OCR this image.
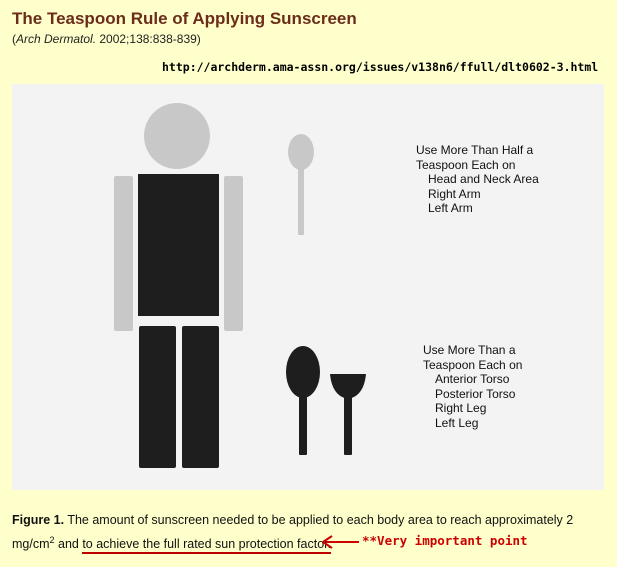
The Teaspoon Rule of Applying Sunscreen
(Arch Dermatol. 2002;138:838-839)
http://archderm.ama-assn.org/issues/v138n6/ffull/dlt0602-3.html
Use More Than Half a
Teaspoon Each on
Head and Neck Area
Right Arm
Left Arm
Use More Than a
Teaspoon Each on
Anterior Torso
Posterior Torso
Right Leg
Left Leg
Figure 1. The amount of sunscreen needed to be applied to each body area to reach approximately 2 $mg/cm^2$ and to achieve the full rated sun protection factor.	**Very important point
